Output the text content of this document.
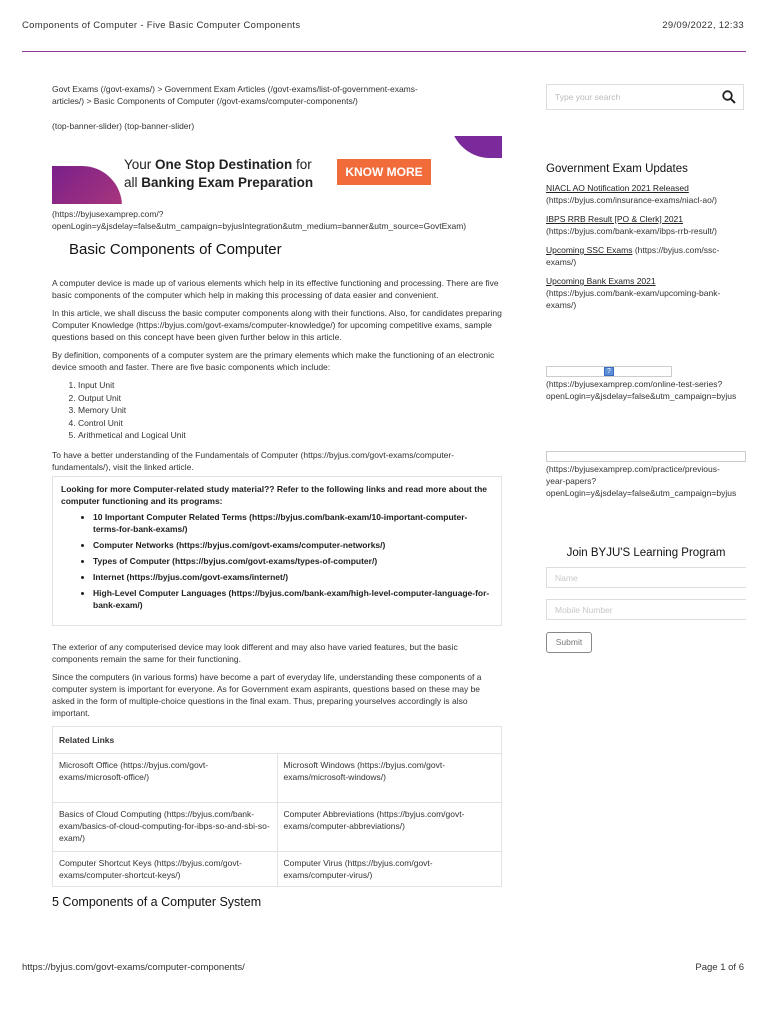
Components of Computer - Five Basic Computer Components	29/09/2022, 12:33
Govt Exams (/govt-exams/) > Government Exam Articles (/govt-exams/list-of-government-exams-
articles/) > Basic Components of Computer (/govt-exams/computer-components/)
(top-banner-slider) (top-banner-slider)
Your One Stop Destination for
all Banking Exam Preparation
KNOW MORE
(https://byjusexamprep.com/?
openLogin=y&jsdelay=false&utm_campaign=byjusIntegration&utm_medium=banner&utm_source=GovtExam)
Basic Components of Computer

A computer device is made up of various elements which help in its effective functioning and processing. There are five basic components of the computer which help in making this processing of data easier and convenient.

In this article, we shall discuss the basic computer components along with their functions. Also, for candidates preparing Computer Knowledge (https://byjus.com/govt-exams/computer-knowledge/) for upcoming competitive exams, sample questions based on this concept have been given further below in this article.

By definition, components of a computer system are the primary elements which make the functioning of an electronic device smooth and faster. There are five basic components which include:

1. Input Unit
2. Output Unit
3. Memory Unit
4. Control Unit
5. Arithmetical and Logical Unit

To have a better understanding of the Fundamentals of Computer (https://byjus.com/govt-exams/computer-fundamentals/), visit the linked article.

Looking for more Computer-related study material?? Refer to the following links and read more about the computer functioning and its programs:
• 10 Important Computer Related Terms (https://byjus.com/bank-exam/10-important-computer-terms-for-bank-exams/)
• Computer Networks (https://byjus.com/govt-exams/computer-networks/)
• Types of Computer (https://byjus.com/govt-exams/types-of-computer/)
• Internet (https://byjus.com/govt-exams/internet/)
• High-Level Computer Languages (https://byjus.com/bank-exam/high-level-computer-language-for-bank-exam/)

The exterior of any computerised device may look different and may also have varied features, but the basic components remain the same for their functioning.

Since the computers (in various forms) have become a part of everyday life, understanding these components of a computer system is important for everyone. As for Government exam aspirants, questions based on these may be asked in the form of multiple-choice questions in the final exam. Thus, preparing yourselves accordingly is also important.

Related Links	
Microsoft Office (https://byjus.com/govt-exams/microsoft-office/)	Microsoft Windows (https://byjus.com/govt-exams/microsoft-windows/)
Basics of Cloud Computing (https://byjus.com/bank-exam/basics-of-cloud-computing-for-ibps-so-and-sbi-so-exam/)	Computer Abbreviations (https://byjus.com/govt-exams/computer-abbreviations/)
Computer Shortcut Keys (https://byjus.com/govt-exams/computer-shortcut-keys/)	Computer Virus (https://byjus.com/govt-exams/computer-virus/)
5 Components of a Computer System
Type your search
Government Exam Updates
NIACL AO Notification 2021 Released
(https://byjus.com/insurance-exams/niacl-ao/)
IBPS RRB Result [PO & Clerk] 2021
(https://byjus.com/bank-exam/ibps-rrb-result/)
Upcoming SSC Exams (https://byjus.com/ssc-exams/)
Upcoming Bank Exams 2021
(https://byjus.com/bank-exam/upcoming-bank-exams/)
?
(https://byjusexamprep.com/online-test-series?
openLogin=y&jsdelay=false&utm_campaign=byjus
(https://byjusexamprep.com/practice/previous-
year-papers?
openLogin=y&jsdelay=false&utm_campaign=byjus
Join BYJU'S Learning Program
Name
Mobile Number
Submit
https://byjus.com/govt-exams/computer-components/	Page 1 of 6
